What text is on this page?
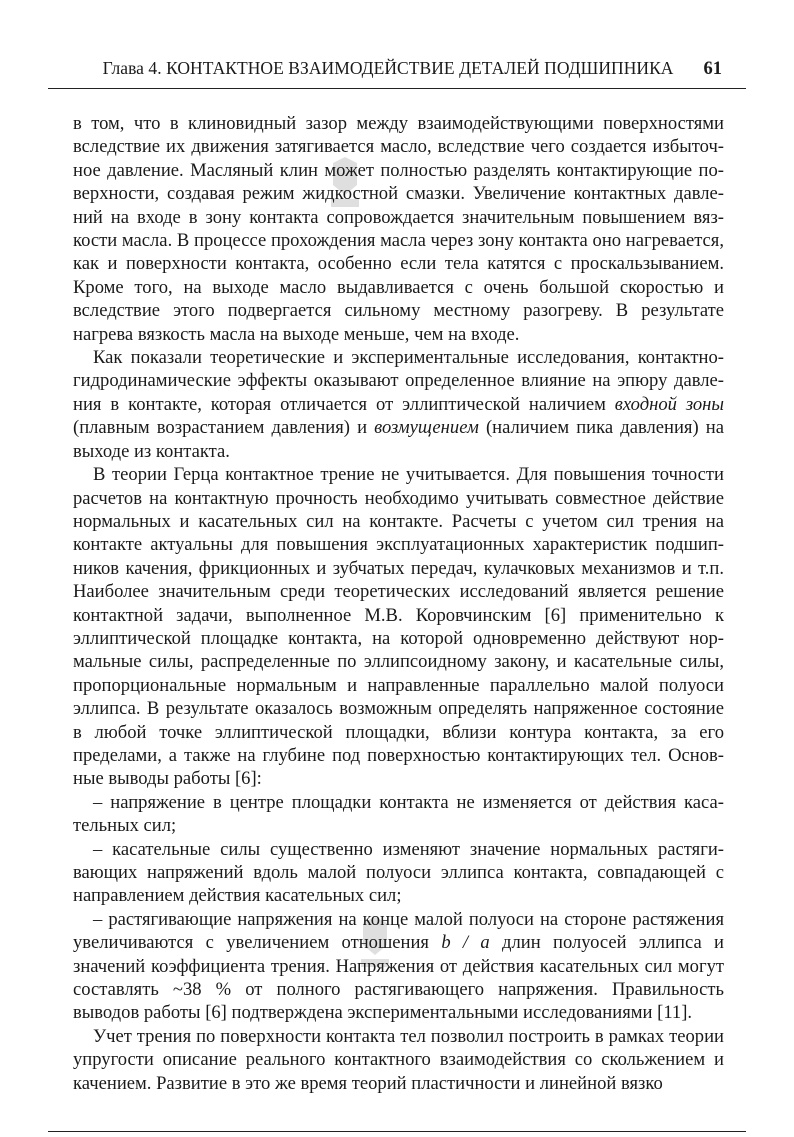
Глава 4. КОНТАКТНОЕ ВЗАИМОДЕЙСТВИЕ ДЕТАЛЕЙ ПОДШИПНИКА 61

в том, что в клиновидный зазор между взаимодействующими поверхностями вследствие их движения затягивается масло, вследствие чего создается избыточное давление. Масляный клин может полностью разделять контактирующие поверхности, создавая режим жидкостной смазки. Увеличение контактных давлений на входе в зону контакта сопровождается значительным повышением вязкости масла. В процессе прохождения масла через зону контакта оно нагревается, как и поверхности контакта, особенно если тела катятся с проскальзыванием. Кроме того, на выходе масло выдавливается с очень большой скоростью и вследствие этого подвергается сильному местному разогреву. В результате нагрева вязкость масла на выходе меньше, чем на входе.

Как показали теоретические и экспериментальные исследования, контактногидродинамические эффекты оказывают определенное влияние на эпюру давления в контакте, которая отличается от эллиптической наличием входной зоны (плавным возрастанием давления) и возмущением (наличием пика давления) на выходе из контакта.

В теории Герца контактное трение не учитывается. Для повышения точности расчетов на контактную прочность необходимо учитывать совместное действие нормальных и касательных сил на контакте. Расчеты с учетом сил трения на контакте актуальны для повышения эксплуатационных характеристик подшипников качения, фрикционных и зубчатых передач, кулачковых механизмов и т.п. Наиболее значительным среди теоретических исследований является решение контактной задачи, выполненное М.В. Коровчинским [6] применительно к эллиптической площадке контакта, на которой одновременно действуют нормальные силы, распределенные по эллипсоидному закону, и касательные силы, пропорциональные нормальным и направленные параллельно малой полуоси эллипса. В результате оказалось возможным определять напряженное состояние в любой точке эллиптической площадки, вблизи контура контакта, за его пределами, а также на глубине под поверхностью контактирующих тел. Основные выводы работы [6]:

– напряжение в центре площадки контакта не изменяется от действия касательных сил;

– касательные силы существенно изменяют значение нормальных растягивающих напряжений вдоль малой полуоси эллипса контакта, совпадающей с направлением действия касательных сил;

– растягивающие напряжения на конце малой полуоси на стороне растяжения увеличиваются с увеличением отношения b / a длин полуосей эллипса и значений коэффициента трения. Напряжения от действия касательных сил могут составлять ~38 % от полного растягивающего напряжения. Правильность выводов работы [6] подтверждена экспериментальными исследованиями [11].

Учет трения по поверхности контакта тел позволил построить в рамках теории упругости описание реального контактного взаимодействия со скольжением и качением. Развитие в это же время теорий пластичности и линейной вязко
